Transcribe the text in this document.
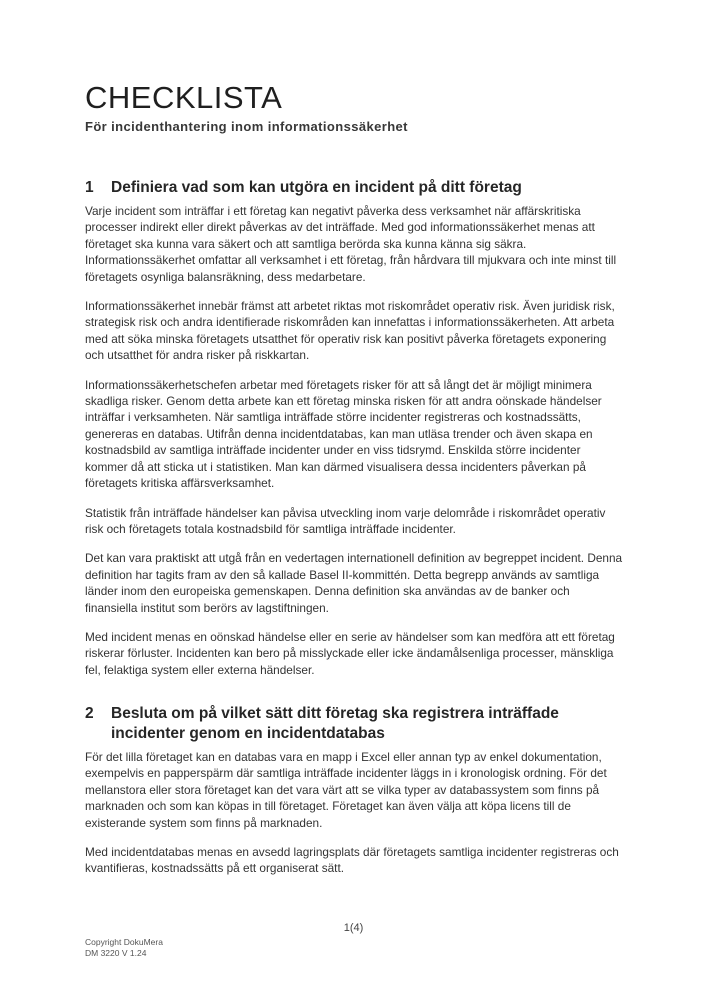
CHECKLISTA
För incidenthantering inom informationssäkerhet
1	Definiera vad som kan utgöra en incident på ditt företag

Varje incident som inträffar i ett företag kan negativt påverka dess verksamhet när affärskritiska processer indirekt eller direkt påverkas av det inträffade. Med god informationssäkerhet menas att företaget ska kunna vara säkert och att samtliga berörda ska kunna känna sig säkra. Informationssäkerhet omfattar all verksamhet i ett företag, från hårdvara till mjukvara och inte minst till företagets osynliga balansräkning, dess medarbetare.

Informationssäkerhet innebär främst att arbetet riktas mot riskområdet operativ risk. Även juridisk risk, strategisk risk och andra identifierade riskområden kan innefattas i informationssäkerheten. Att arbeta med att söka minska företagets utsatthet för operativ risk kan positivt påverka företagets exponering och utsatthet för andra risker på riskkartan.

Informationssäkerhetschefen arbetar med företagets risker för att så långt det är möjligt minimera skadliga risker. Genom detta arbete kan ett företag minska risken för att andra oönskade händelser inträffar i verksamheten. När samtliga inträffade större incidenter registreras och kostnadssätts, genereras en databas. Utifrån denna incidentdatabas, kan man utläsa trender och även skapa en kostnadsbild av samtliga inträffade incidenter under en viss tidsrymd. Enskilda större incidenter kommer då att sticka ut i statistiken. Man kan därmed visualisera dessa incidenters påverkan på företagets kritiska affärsverksamhet.

Statistik från inträffade händelser kan påvisa utveckling inom varje delområde i riskområdet operativ risk och företagets totala kostnadsbild för samtliga inträffade incidenter.

Det kan vara praktiskt att utgå från en vedertagen internationell definition av begreppet incident. Denna definition har tagits fram av den så kallade Basel II-kommittén. Detta begrepp används av samtliga länder inom den europeiska gemenskapen. Denna definition ska användas av de banker och finansiella institut som berörs av lagstiftningen.

Med incident menas en oönskad händelse eller en serie av händelser som kan medföra att ett företag riskerar förluster. Incidenten kan bero på misslyckade eller icke ändamålsenliga processer, mänskliga fel, felaktiga system eller externa händelser.

2	Besluta om på vilket sätt ditt företag ska registrera inträffade incidenter genom en incidentdatabas

För det lilla företaget kan en databas vara en mapp i Excel eller annan typ av enkel dokumentation, exempelvis en papperspärm där samtliga inträffade incidenter läggs in i kronologisk ordning. För det mellanstora eller stora företaget kan det vara värt att se vilka typer av databassystem som finns på marknaden och som kan köpas in till företaget. Företaget kan även välja att köpa licens till de existerande system som finns på marknaden.

Med incidentdatabas menas en avsedd lagringsplats där företagets samtliga incidenter registreras och kvantifieras, kostnadssätts på ett organiserat sätt.

1(4)
Copyright DokuMera
DM 3220 V 1.24
